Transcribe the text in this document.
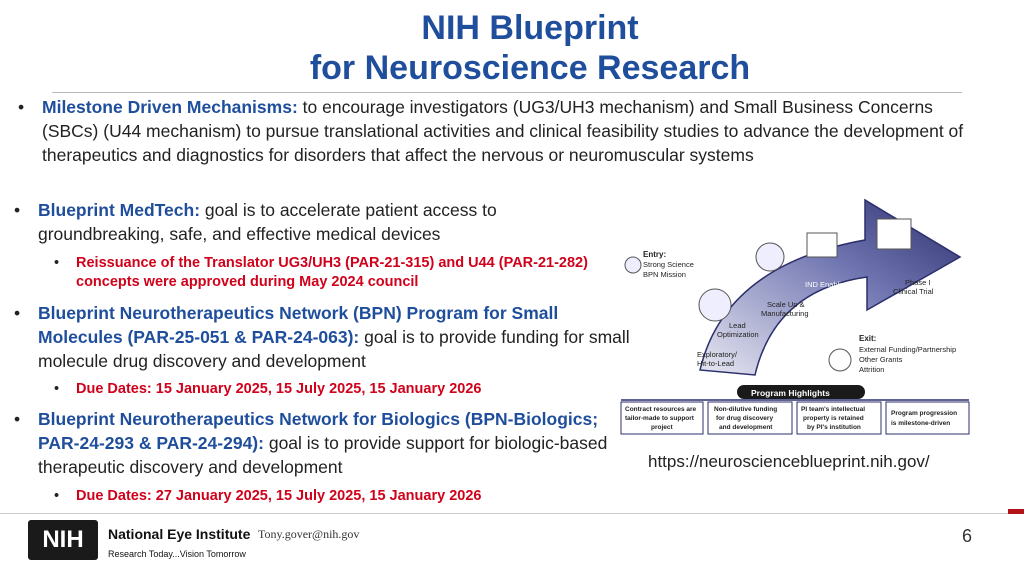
NIH Blueprint
for Neuroscience Research
• Milestone Driven Mechanisms: to encourage investigators (UG3/UH3 mechanism) and Small Business Concerns (SBCs) (U44 mechanism) to pursue translational activities and clinical feasibility studies to advance the development of therapeutics and diagnostics for disorders that affect the nervous or neuromuscular systems
• Blueprint MedTech: goal is to accelerate patient access to groundbreaking, safe, and effective medical devices
• Reissuance of the Translator UG3/UH3 (PAR-21-315) and U44 (PAR-21-282) concepts were approved during May 2024 council
• Blueprint Neurotherapeutics Network (BPN) Program for Small Molecules (PAR-25-051 & PAR-24-063): goal is to provide funding for small molecule drug discovery and development
• Due Dates: 15 January 2025, 15 July 2025, 15 January 2026
• Blueprint Neurotherapeutics Network for Biologics (BPN-Biologics; PAR-24-293 & PAR-24-294): goal is to provide support for biologic-based therapeutic discovery and development
• Due Dates: 27 January 2025, 15 July 2025, 15 January 2026
Entry:
Strong Science
BPN Mission
IND Enabling	Phase I
Clinical Trial
Scale Up &
Manufacturing
Lead
Optimization
Exploratory/
Hit-to-Lead
Exit:
External Funding/Partnership
Other Grants
Attrition
Program Highlights
Contract resources are
tailor-made to support
project
Non-dilutive funding
for drug discovery
and development
PI team's intellectual
property is retained
by PI's institution
Program progression
is milestone-driven
https://neuroscienceblueprint.nih.gov/
NIH	National Eye Institute
Research Today...Vision Tomorrow
Tony.gover@nih.gov	6
